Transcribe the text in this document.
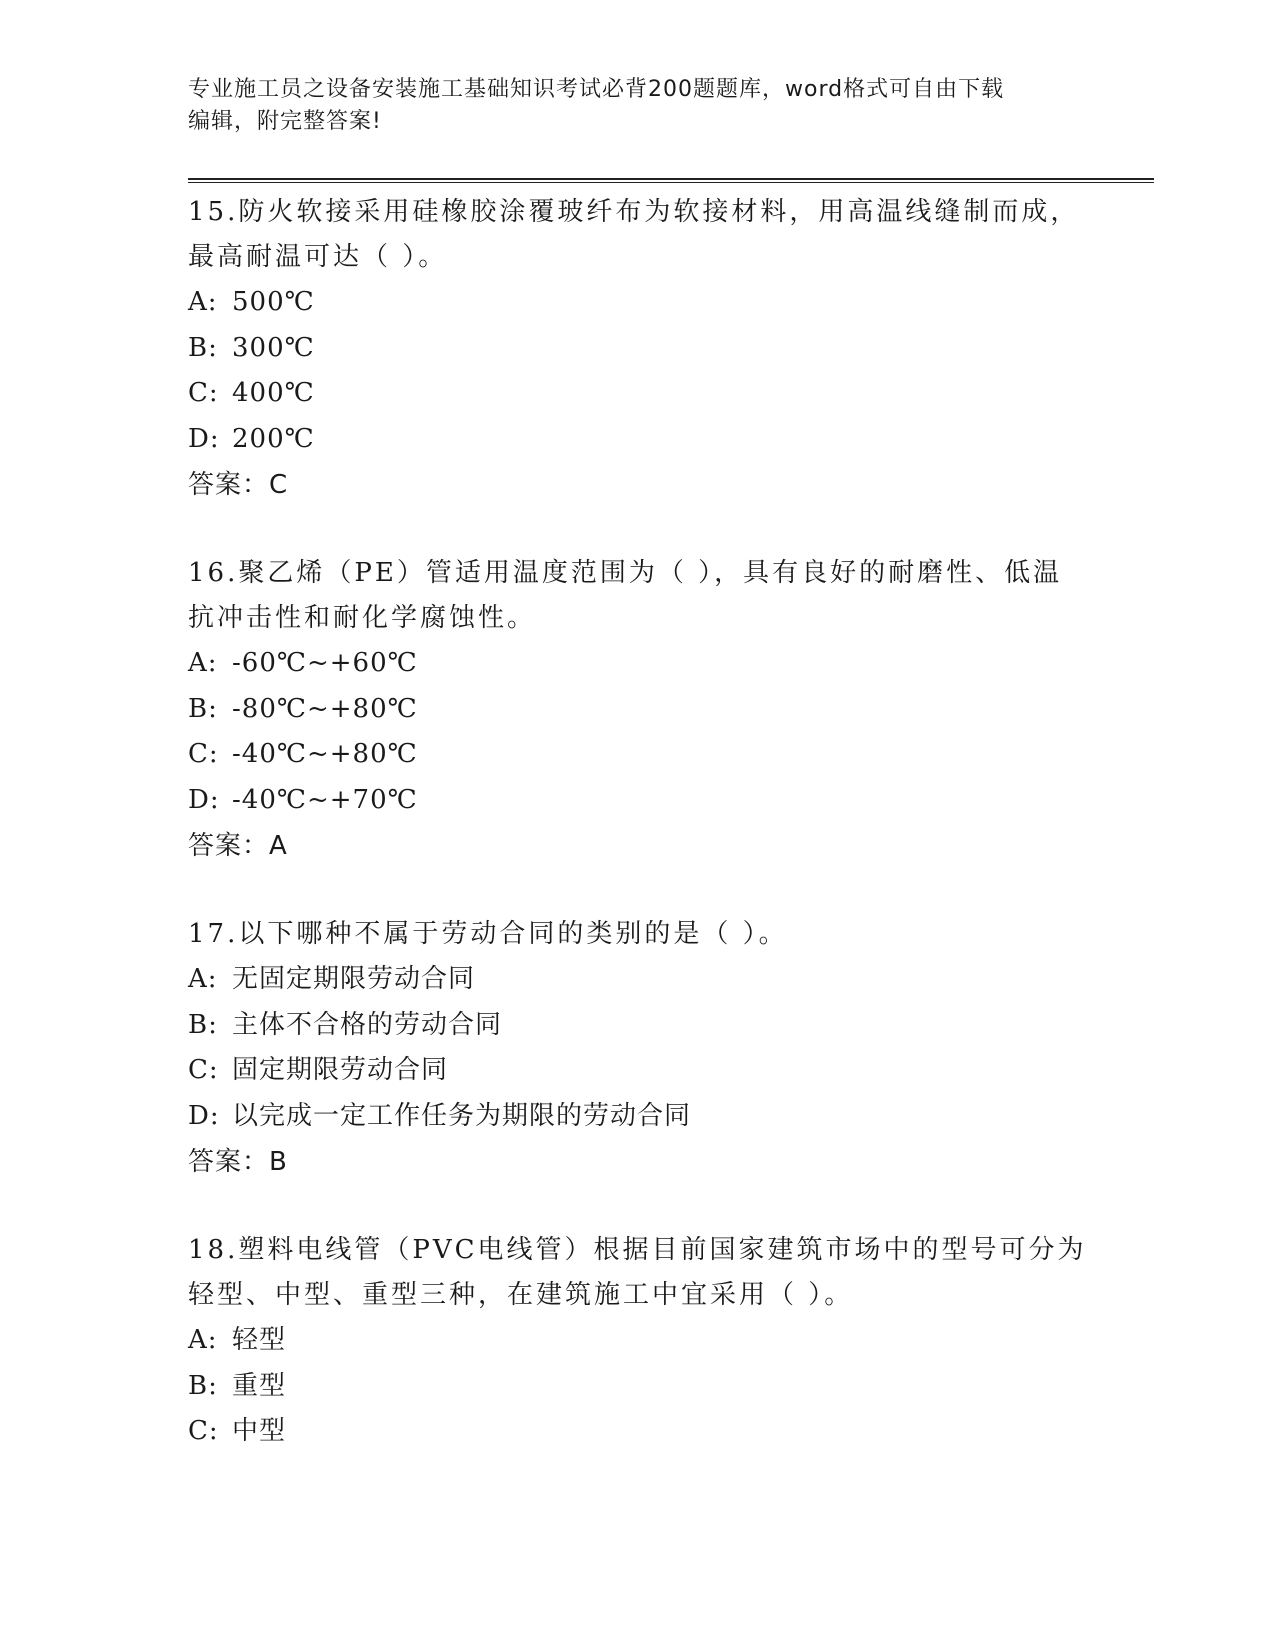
专业施工员之设备安装施工基础知识考试必背200题题库，word格式可自由下载
编辑，附完整答案!
15.防火软接采用硅橡胶涂覆玻纤布为软接材料，用高温线缝制而成，最高耐温可达（ ）。
A: 500℃
B: 300℃
C: 400℃
D: 200℃
答案：C
16.聚乙烯（PE）管适用温度范围为（ ），具有良好的耐磨性、低温抗冲击性和耐化学腐蚀性。
A: -60℃~+60℃
B: -80℃~+80℃
C: -40℃~+80℃
D: -40℃~+70℃
答案：A
17.以下哪种不属于劳动合同的类别的是（ ）。
A: 无固定期限劳动合同
B: 主体不合格的劳动合同
C: 固定期限劳动合同
D: 以完成一定工作任务为期限的劳动合同
答案：B
18.塑料电线管（PVC电线管）根据目前国家建筑市场中的型号可分为轻型、中型、重型三种，在建筑施工中宜采用（ ）。
A: 轻型
B: 重型
C: 中型
